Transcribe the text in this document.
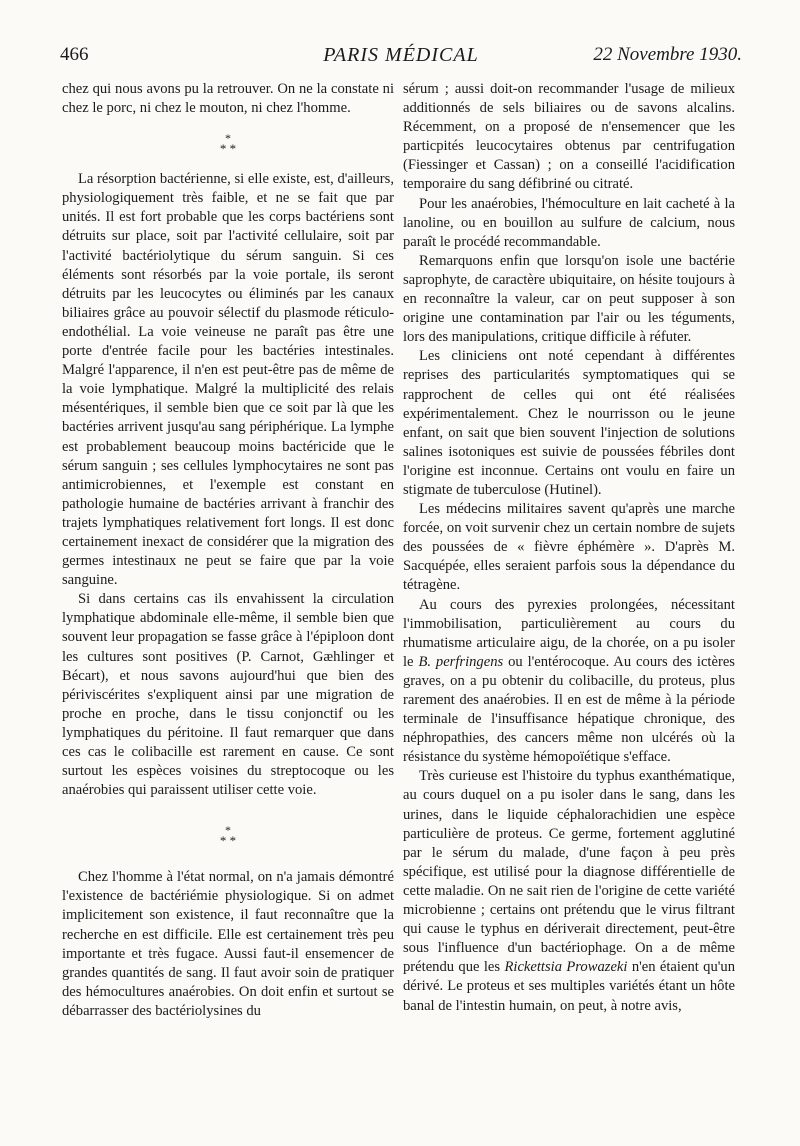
466	PARIS MÉDICAL	22 Novembre 1930.

chez qui nous avons pu la retrouver. On ne la constate ni chez le porc, ni chez le mouton, ni chez l'homme.

*
* *

La résorption bactérienne, si elle existe, est, d'ailleurs, physiologiquement très faible, et ne se fait que par unités. Il est fort probable que les corps bactériens sont détruits sur place, soit par l'activité cellulaire, soit par l'activité bactériolytique du sérum sanguin. Si ces éléments sont résorbés par la voie portale, ils seront détruits par les leucocytes ou éliminés par les canaux biliaires grâce au pouvoir sélectif du plasmode réticulo-endothélial. La voie veineuse ne paraît pas être une porte d'entrée facile pour les bactéries intestinales. Malgré l'apparence, il n'en est peut-être pas de même de la voie lymphatique. Malgré la multiplicité des relais mésentériques, il semble bien que ce soit par là que les bactéries arrivent jusqu'au sang périphérique. La lymphe est probablement beaucoup moins bactéricide que le sérum sanguin ; ses cellules lymphocytaires ne sont pas antimicrobiennes, et l'exemple est constant en pathologie humaine de bactéries arrivant à franchir des trajets lymphatiques relativement fort longs. Il est donc certainement inexact de considérer que la migration des germes intestinaux ne peut se faire que par la voie sanguine.

Si dans certains cas ils envahissent la circulation lymphatique abdominale elle-même, il semble bien que souvent leur propagation se fasse grâce à l'épiploon dont les cultures sont positives (P. Carnot, Gæhlinger et Bécart), et nous savons aujourd'hui que bien des périviscérites s'expliquent ainsi par une migration de proche en proche, dans le tissu conjonctif ou les lymphatiques du péritoine. Il faut remarquer que dans ces cas le colibacille est rarement en cause. Ce sont surtout les espèces voisines du streptocoque ou les anaérobies qui paraissent utiliser cette voie.

*
* *

Chez l'homme à l'état normal, on n'a jamais démontré l'existence de bactériémie physiologique. Si on admet implicitement son existence, il faut reconnaître que la recherche en est difficile. Elle est certainement très peu importante et très fugace. Aussi faut-il ensemencer de grandes quantités de sang. Il faut avoir soin de pratiquer des hémocultures anaérobies. On doit enfin et surtout se débarrasser des bactériolysines du

sérum ; aussi doit-on recommander l'usage de milieux additionnés de sels biliaires ou de savons alcalins. Récemment, on a proposé de n'ensemencer que les particpités leucocytaires obtenus par centrifugation (Fiessinger et Cassan) ; on a conseillé l'acidification temporaire du sang défibriné ou citraté.

Pour les anaérobies, l'hémoculture en lait cacheté à la lanoline, ou en bouillon au sulfure de calcium, nous paraît le procédé recommandable.

Remarquons enfin que lorsqu'on isole une bactérie saprophyte, de caractère ubiquitaire, on hésite toujours à en reconnaître la valeur, car on peut supposer à son origine une contamination par l'air ou les téguments, lors des manipulations, critique difficile à réfuter.

Les cliniciens ont noté cependant à différentes reprises des particularités symptomatiques qui se rapprochent de celles qui ont été réalisées expérimentalement. Chez le nourrisson ou le jeune enfant, on sait que bien souvent l'injection de solutions salines isotoniques est suivie de poussées fébriles dont l'origine est inconnue. Certains ont voulu en faire un stigmate de tuberculose (Hutinel).

Les médecins militaires savent qu'après une marche forcée, on voit survenir chez un certain nombre de sujets des poussées de « fièvre éphémère ». D'après M. Sacquépée, elles seraient parfois sous la dépendance du tétragène.

Au cours des pyrexies prolongées, nécessitant l'immobilisation, particulièrement au cours du rhumatisme articulaire aigu, de la chorée, on a pu isoler le B. perfringens ou l'entérocoque. Au cours des ictères graves, on a pu obtenir du colibacille, du proteus, plus rarement des anaérobies. Il en est de même à la période terminale de l'insuffisance hépatique chronique, des néphropathies, des cancers même non ulcérés où la résistance du système hémopoïétique s'efface.

Très curieuse est l'histoire du typhus exanthématique, au cours duquel on a pu isoler dans le sang, dans les urines, dans le liquide céphalorachidien une espèce particulière de proteus. Ce germe, fortement agglutiné par le sérum du malade, d'une façon à peu près spécifique, est utilisé pour la diagnose différentielle de cette maladie. On ne sait rien de l'origine de cette variété microbienne ; certains ont prétendu que le virus filtrant qui cause le typhus en dériverait directement, peut-être sous l'influence d'un bactériophage. On a de même prétendu que les Rickettsia Prowazeki n'en étaient qu'un dérivé. Le proteus et ses multiples variétés étant un hôte banal de l'intestin humain, on peut, à notre avis,
